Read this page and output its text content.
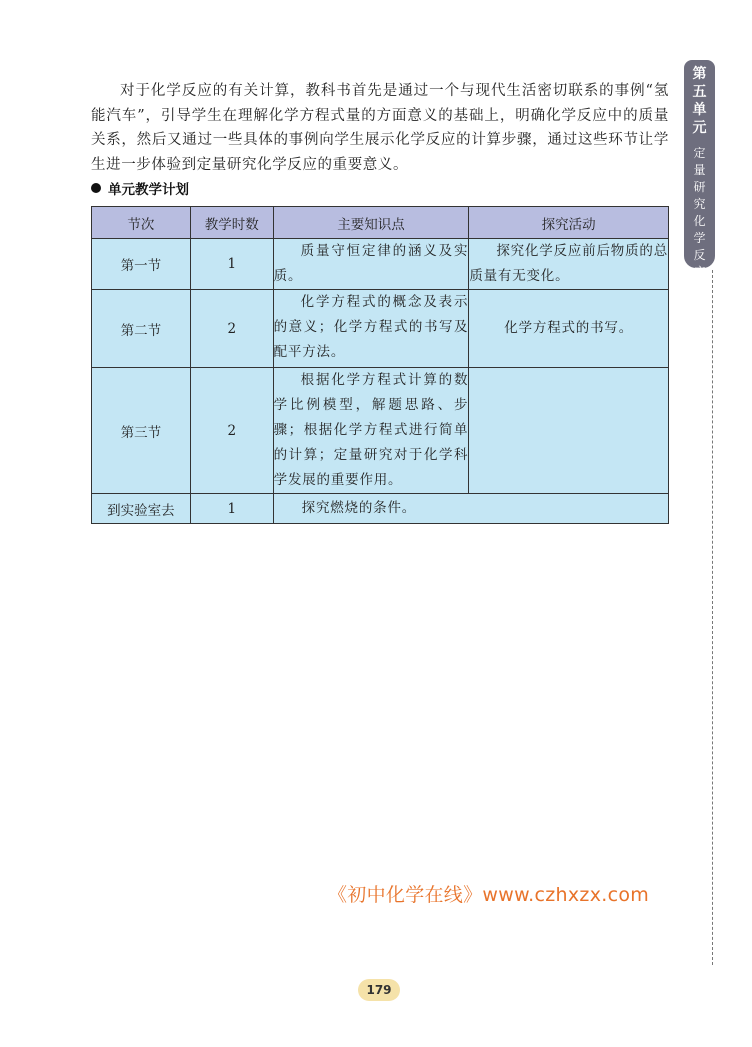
对于化学反应的有关计算，教科书首先是通过一个与现代生活密切联系的事例“氢能汽车”，引导学生在理解化学方程式量的方面意义的基础上，明确化学反应中的质量关系，然后又通过一些具体的事例向学生展示化学反应的计算步骤，通过这些环节让学生进一步体验到定量研究化学反应的重要意义。

单元教学计划
节次	教学时数	主要知识点	探究活动
第一节	1	质量守恒定律的涵义及实质。	探究化学反应前后物质的总质量有无变化。

第二节	2	化学方程式的概念及表示的意义；化学方程式的书写及配平方法。	化学方程式的书写。
第三节	2	根据化学方程式计算的数学比例模型，解题思路、步骤；根据化学方程式进行简单的计算；定量研究对于化学科学发展的重要作用。	

到实验室去	1	探究燃烧的条件。	
第
五
单
元
定
量
研
究
化
学
反
应
《初中化学在线》www.czhxzx.com
179
